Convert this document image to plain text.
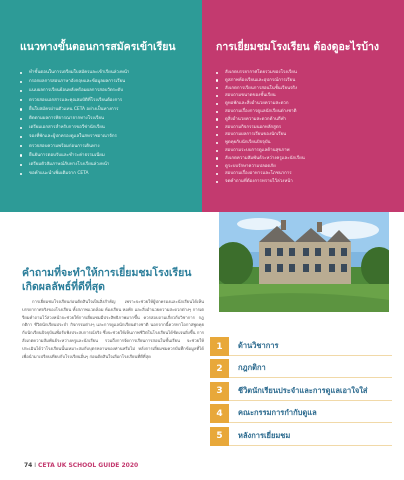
แนวทางขั้นตอนการสมัครเข้าเรียน
ทำขั้นตอนในการเตรียมใบสมัครและเข้าเรียนล่วงหน้า
กรอกผลการสอบภาษาอังกฤษและข้อมูลผลการเรียน
แนบผลการเรียนย้อนหลังพร้อมผลการสอบวัดระดับ
ตรวจสอบเอกสารและคุณสมบัติที่โรงเรียนต้องการ
ยื่นใบสมัครผ่านตัวแทน CETA อย่างเป็นทางการ
ติดตามผลการพิจารณาจากทางโรงเรียน
เตรียมเอกสารสำหรับการขอวีซ่านักเรียน
จองที่พักและผู้ปกครองดูแลในสหราชอาณาจักร
ตรวจสอบความพร้อมก่อนการเดินทาง
ยืนยันการตอบรับและชำระค่าธรรมเนียม
เตรียมตัวสัมภาษณ์กับทางโรงเรียนล่วงหน้า
ขอคำแนะนำเพิ่มเติมจาก CETA
การเยี่ยมชมโรงเรียน ต้องดูอะไรบ้าง
สังเกตบรรยากาศโดยรวมของโรงเรียน
ดูสภาพห้องเรียนและอุปกรณ์การเรียน
สังเกตการเรียนการสอนในชั้นเรียนจริง
สอบถามขนาดของชั้นเรียน
ดูหอพักและสิ่งอำนวยความสะดวก
สอบถามเรื่องการดูแลนักเรียนต่างชาติ
ดูสิ่งอำนวยความสะดวกด้านกีฬา
สอบถามกิจกรรมนอกหลักสูตร
สอบถามผลการเรียนของนักเรียน
พูดคุยกับนักเรียนปัจจุบัน
สอบถามระบบการดูแลด้านสุขภาพ
สังเกตความสัมพันธ์ระหว่างครูและนักเรียน
ดูระบบรักษาความปลอดภัย
สอบถามเรื่องอาหารและโภชนาการ
จดคำถามที่ต้องการทราบไว้ล่วงหน้า
คำถามที่จะทำให้การเยี่ยมชมโรงเรียน
เกิดผลลัพธ์ที่ดีที่สุด

การเยี่ยมชมโรงเรียนก่อนตัดสินใจเป็นสิ่งสำคัญ เพราะจะช่วยให้ผู้ปกครองและนักเรียนได้เห็นบรรยากาศจริงของโรงเรียน ทั้งสภาพแวดล้อม ห้องเรียน หอพัก และสิ่งอำนวยความสะดวกต่างๆ การเตรียมคำถามไว้ล่วงหน้าจะช่วยให้การเยี่ยมชมมีประสิทธิภาพมากขึ้น ควรสอบถามเกี่ยวกับวิชาการ กฎกติกา ชีวิตนักเรียนประจำ กิจกรรมต่างๆ และการดูแลนักเรียนต่างชาติ นอกจากนี้ควรหาโอกาสพูดคุยกับนักเรียนปัจจุบันเพื่อรับฟังประสบการณ์จริง ซึ่งจะช่วยให้เห็นภาพชีวิตในโรงเรียนได้ชัดเจนยิ่งขึ้น การสังเกตความสัมพันธ์ระหว่างครูและนักเรียน รวมถึงการจัดการเรียนการสอนในชั้นเรียน จะช่วยให้ประเมินได้ว่าโรงเรียนนั้นเหมาะสมกับบุตรหลานของท่านหรือไม่ หลังการเยี่ยมชมควรบันทึกข้อมูลที่ได้เพื่อนำมาเปรียบเทียบกับโรงเรียนอื่นๆ ก่อนตัดสินใจเลือกโรงเรียนที่ดีที่สุด

1	ด้านวิชาการ
2	กฎกติกา
3	ชีวิตนักเรียนประจำและการดูแลเอาใจใส่
4	คณะกรรมการกำกับดูแล
5	หลังการเยี่ยมชม
74 I CETA UK SCHOOL GUIDE 2020
